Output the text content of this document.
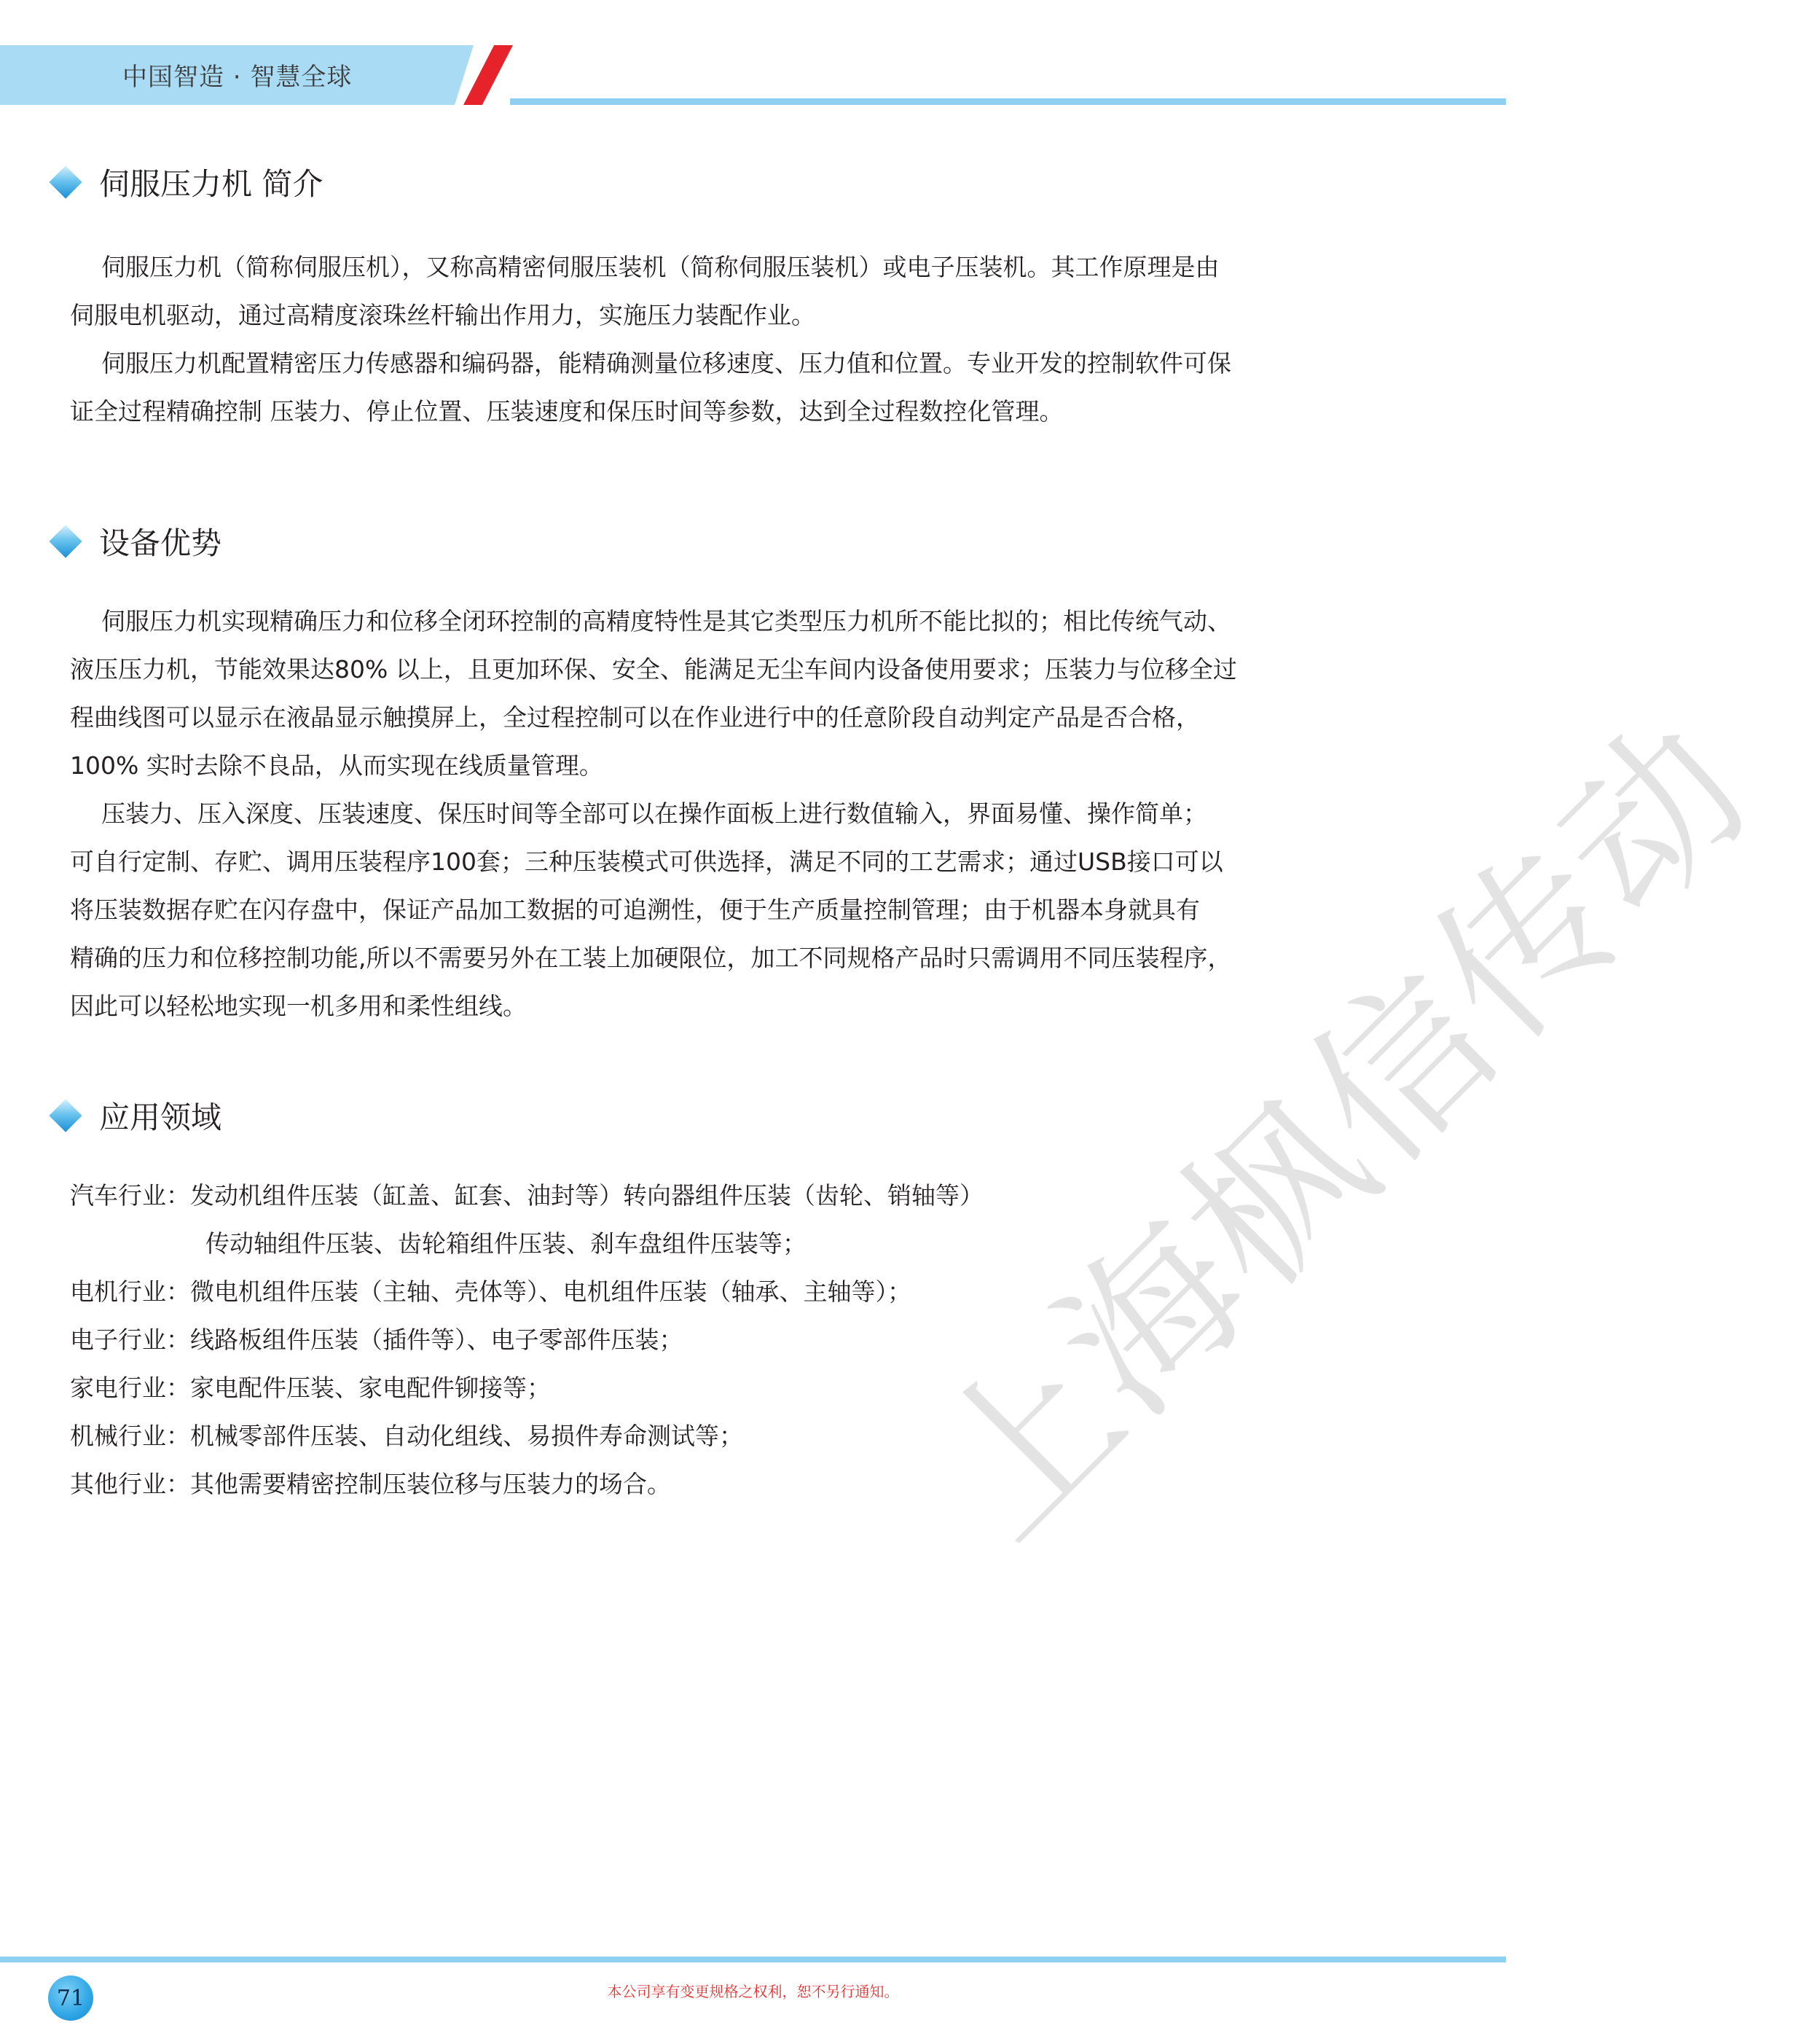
中国智造 · 智慧全球
上海枫信传动
伺服压力机 简介
伺服压力机（简称伺服压机），又称高精密伺服压装机（简称伺服压装机）或电子压装机。其工作原理是由
伺服电机驱动，通过高精度滚珠丝杆输出作用力，实施压力装配作业。
伺服压力机配置精密压力传感器和编码器，能精确测量位移速度、压力值和位置。专业开发的控制软件可保
证全过程精确控制 压装力、停止位置、压装速度和保压时间等参数，达到全过程数控化管理。
设备优势
伺服压力机实现精确压力和位移全闭环控制的高精度特性是其它类型压力机所不能比拟的；相比传统气动、
液压压力机，节能效果达80% 以上，且更加环保、安全、能满足无尘车间内设备使用要求；压装力与位移全过
程曲线图可以显示在液晶显示触摸屏上，全过程控制可以在作业进行中的任意阶段自动判定产品是否合格，
100% 实时去除不良品，从而实现在线质量管理。
压装力、压入深度、压装速度、保压时间等全部可以在操作面板上进行数值输入，界面易懂、操作简单；
可自行定制、存贮、调用压装程序100套；三种压装模式可供选择，满足不同的工艺需求；通过USB接口可以
将压装数据存贮在闪存盘中，保证产品加工数据的可追溯性，便于生产质量控制管理；由于机器本身就具有
精确的压力和位移控制功能,所以不需要另外在工装上加硬限位，加工不同规格产品时只需调用不同压装程序，
因此可以轻松地实现一机多用和柔性组线。
应用领域
汽车行业：发动机组件压装（缸盖、缸套、油封等）转向器组件压装（齿轮、销轴等）
传动轴组件压装、齿轮箱组件压装、刹车盘组件压装等；
电机行业：微电机组件压装（主轴、壳体等）、电机组件压装（轴承、主轴等）；
电子行业：线路板组件压装（插件等）、电子零部件压装；
家电行业：家电配件压装、家电配件铆接等；
机械行业：机械零部件压装、自动化组线、易损件寿命测试等；
其他行业：其他需要精密控制压装位移与压装力的场合。
71	本公司享有变更规格之权利，恕不另行通知。
